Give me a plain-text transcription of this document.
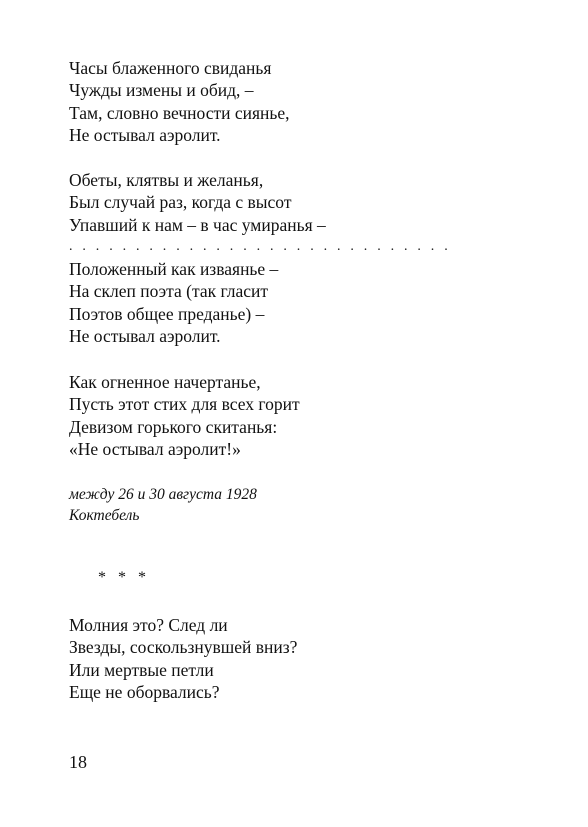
Часы блаженного свиданья
Чужды измены и обид, –
Там, словно вечности сиянье,
Не остывал аэролит.
Обеты, клятвы и желанья,
Был случай раз, когда с высот
Упавший к нам – в час умиранья –
. . . . . . . . . . . . . . . . . . . . . . . . . . . . .
Положенный как изваянье –
На склеп поэта (так гласит
Поэтов общее преданье) –
Не остывал аэролит.
Как огненное начертанье,
Пусть этот стих для всех горит
Девизом горького скитанья:
«Не остывал аэролит!»
между 26 и 30 августа 1928
Коктебель
* * *
Молния это? След ли
Звезды, соскользнувшей вниз?
Или мертвые петли
Еще не оборвались?
18
